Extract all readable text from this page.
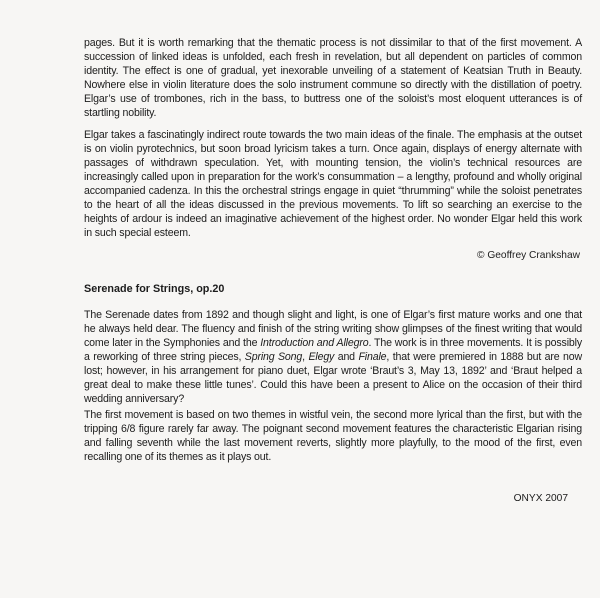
pages. But it is worth remarking that the thematic process is not dissimilar to that of the first movement. A succession of linked ideas is unfolded, each fresh in revelation, but all dependent on particles of common identity. The effect is one of gradual, yet inexorable unveiling of a statement of Keatsian Truth in Beauty. Nowhere else in violin literature does the solo instrument commune so directly with the distillation of poetry. Elgar’s use of trombones, rich in the bass, to buttress one of the soloist’s most eloquent utterances is of startling nobility.

Elgar takes a fascinatingly indirect route towards the two main ideas of the finale. The emphasis at the outset is on violin pyrotechnics, but soon broad lyricism takes a turn. Once again, displays of energy alternate with passages of withdrawn speculation. Yet, with mounting tension, the violin’s technical resources are increasingly called upon in preparation for the work’s consummation – a lengthy, profound and wholly original accompanied cadenza. In this the orchestral strings engage in quiet “thrumming” while the soloist penetrates to the heart of all the ideas discussed in the previous movements. To lift so searching an exercise to the heights of ardour is indeed an imaginative achievement of the highest order. No wonder Elgar held this work in such special esteem.

© Geoffrey Crankshaw

Serenade for Strings, op.20

The Serenade dates from 1892 and though slight and light, is one of Elgar’s first mature works and one that he always held dear. The fluency and finish of the string writing show glimpses of the finest writing that would come later in the Symphonies and the Introduction and Allegro. The work is in three movements. It is possibly a reworking of three string pieces, Spring Song, Elegy and Finale, that were premiered in 1888 but are now lost; however, in his arrangement for piano duet, Elgar wrote ‘Braut’s 3, May 13, 1892’ and ‘Braut helped a great deal to make these little tunes’. Could this have been a present to Alice on the occasion of their third wedding anniversary?

The first movement is based on two themes in wistful vein, the second more lyrical than the first, but with the tripping 6/8 figure rarely far away. The poignant second movement features the characteristic Elgarian rising and falling seventh while the last movement reverts, slightly more playfully, to the mood of the first, even recalling one of its themes as it plays out.

ONYX 2007
